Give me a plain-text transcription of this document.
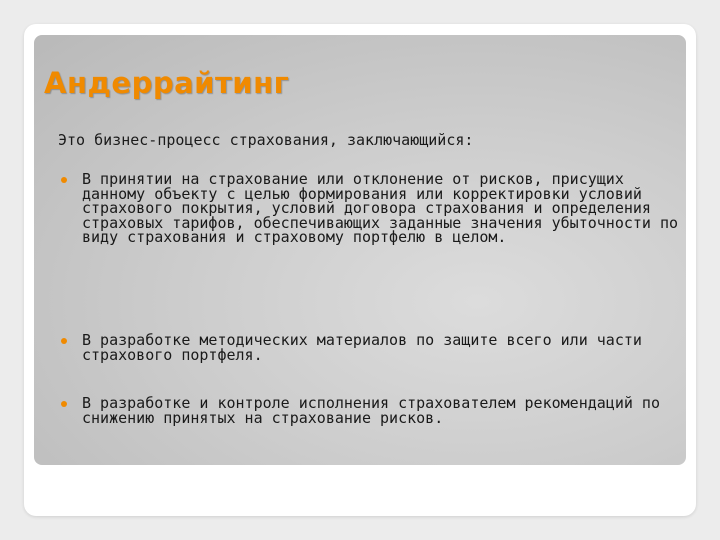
Андеррайтинг

Это бизнес-процесс страхования, заключающийся:

В принятии на страхование или отклонение от рисков, присущих данному объекту с целью формирования или корректировки условий страхового покрытия, условий договора страхования и определения страховых тарифов, обеспечивающих заданные значения убыточности по виду страхования и страховому портфелю в целом.
В разработке методических материалов по защите всего или части страхового портфеля.
В разработке и контроле исполнения страхователем рекомендаций по снижению принятых на страхование рисков.
